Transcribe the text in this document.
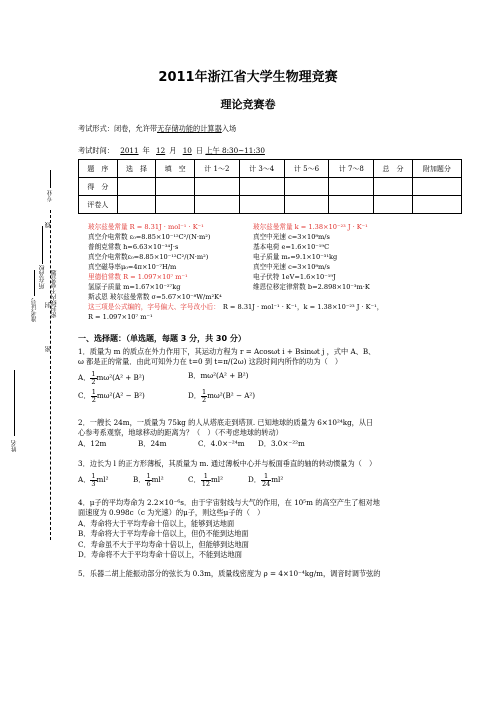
2011年浙江省大学生物理竞赛
理论竞赛卷
考试形式：闭卷，允许带无存储功能的计算器入场
考试时间： 2011 年 12 月 10 日 上午 8:30~11:30
题　序	选　择	填　空	计 1～2	计 3～4	计 5～6	计 7～8	总　分	附加题分
得　分								
评卷人								
专业
所在高校
线
封 密封线内不要答题
准考证号
密
姓名
玻尔兹曼常量 R = 8.31J · mol⁻¹ · K⁻¹	玻尔兹曼常量 k = 1.38×10⁻²³ J · K⁻¹
真空介电常数 ε₀=8.85×10⁻¹²C²/(N·m²)	真空中光速 c=3×10⁸m/s
普朗克常数 h=6.63×10⁻³⁴J·s	基本电荷 e=1.6×10⁻¹⁹C
真空介电常数ε₀=8.85×10⁻¹²C²/(N·m²)	电子质量 mₑ=9.1×10⁻³¹kg
真空磁导率μ₀=4π×10⁻⁷H/m	真空中光速 c=3×10⁸m/s
里德伯常数 R = 1.097×10⁷ m⁻¹	电子伏特 1eV=1.6×10⁻¹⁹J
氢原子质量 m=1.67×10⁻²⁷kg	维恩位移定律常数 b=2.898×10⁻³m·K
斯忒恩 玻尔兹曼常数 σ=5.67×10⁻⁸W/m²K⁴
这三项是公式编的，字号偏大、字号改小后： R = 8.31J · mol⁻¹ · K⁻¹，k = 1.38×10⁻²³ J · K⁻¹，
R = 1.097×10⁷ m⁻¹
一、选择题：（单选题，每题 3 分，共 30 分）
1．质量为 m 的质点在外力作用下，其运动方程为 r = Acosωt i + Bsinωt j ，式中 A、B、
ω 都是正的常量．由此可知外力在 t=0 到 t=π/(2ω) 这段时间内所作的功为（　）
A． $\frac{1}{2} m\omega^2(A^2 + B^2)$	B．mω²(A² + B²)
C． $\frac{1}{2} m\omega^2(A^2 - B^2)$	D． $\frac{1}{2} m\omega^2(B^2 - A^2)$
2．一艘长 24m，一质量为 75kg 的人从塔底走到塔顶. 已知地球的质量为 6×10²⁴kg，从日
心参考系观察，地球移动的距离为？（　）（不考虑地球的转动）
A．12m	B．24m	C．4.0×⁻²⁴m	D．3.0×⁻²²m
3．边长为 l 的正方形薄板，其质量为 m. 通过薄板中心并与板面垂直的轴的转动惯量为（　）
A． $\frac{1}{3} ml^2$	B． $\frac{1}{6} ml^2$	C． $\frac{1}{12} ml^2$	D． $\frac{1}{24} ml^2$
4．μ子的平均寿命为 2.2×10⁻⁶s．由于宇宙射线与大气的作用，在 10⁵m 的高空产生了相对地
面速度为 0.998c（c 为光速）的μ子，则这些μ子的（　）
A．寿命将大于平均寿命十倍以上，能够到达地面
B．寿命将大于平均寿命十倍以上，但仍不能到达地面
C．寿命虽不大于平均寿命十倍以上，但能够到达地面
D．寿命将不大于平均寿命十倍以上，不能到达地面
5．乐器二胡上能振动部分的弦长为 0.3m，质量线密度为 ρ = 4×10⁻⁴kg/m，调音时调节弦的
